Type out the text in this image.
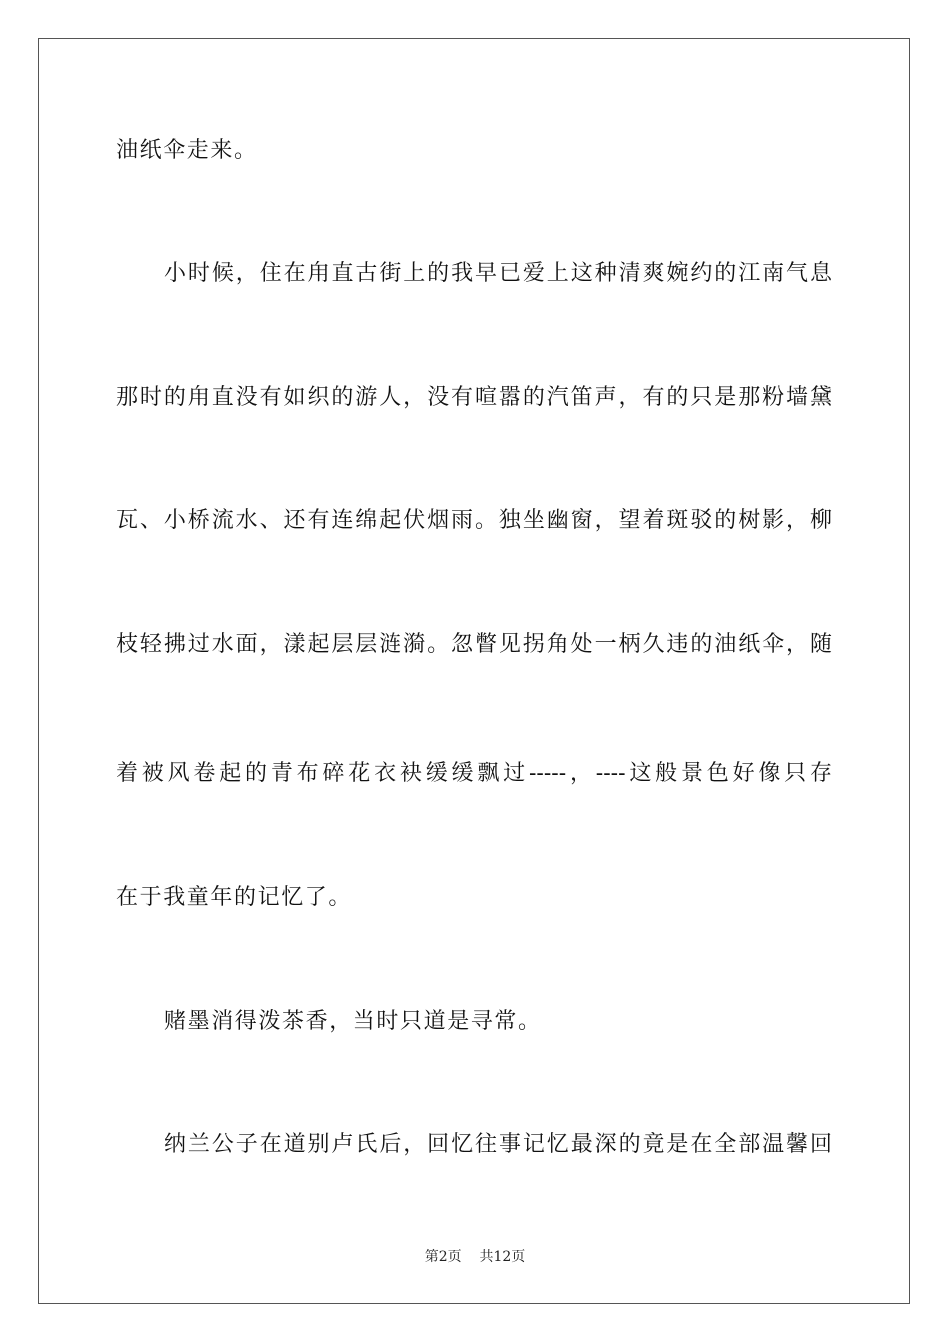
油纸伞走来。
小时候，住在甪直古街上的我早已爱上这种清爽婉约的江南气息
那时的甪直没有如织的游人，没有喧嚣的汽笛声，有的只是那粉墙黛
瓦、小桥流水、还有连绵起伏烟雨。独坐幽窗，望着斑驳的树影，柳
枝轻拂过水面，漾起层层涟漪。忽瞥见拐角处一柄久违的油纸伞，随
着被风卷起的青布碎花衣袂缓缓飘过-----，----这般景色好像只存
在于我童年的记忆了。
赌墨消得泼茶香，当时只道是寻常。
纳兰公子在道别卢氏后，回忆往事记忆最深的竟是在全部温馨回
第2页 共12页
